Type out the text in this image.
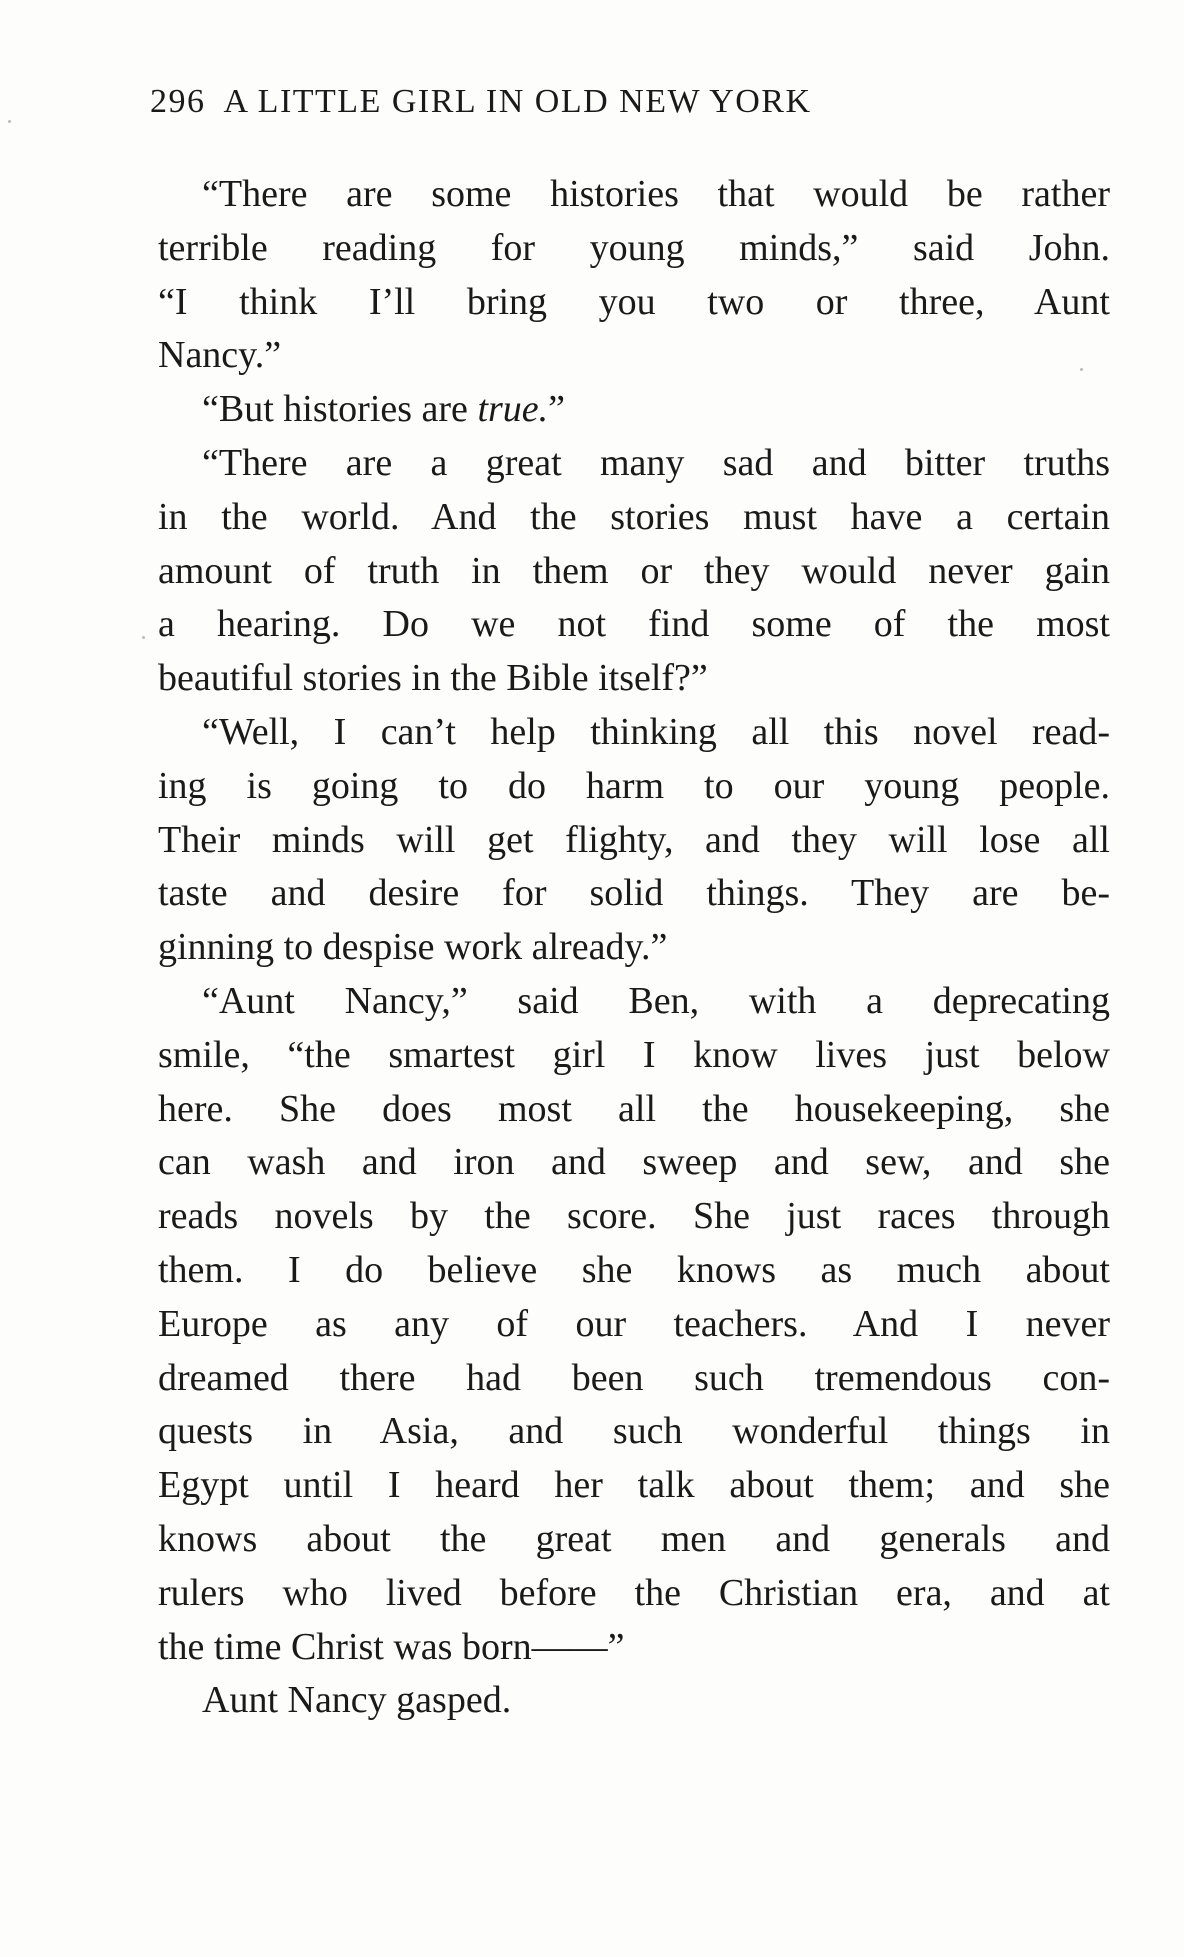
296 A LITTLE GIRL IN OLD NEW YORK
“There are some histories that would be rather
terrible reading for young minds,” said John.
“I think I’ll bring you two or three, Aunt
Nancy.”
“But histories are true.”
“There are a great many sad and bitter truths
in the world. And the stories must have a certain
amount of truth in them or they would never gain
a hearing. Do we not find some of the most
beautiful stories in the Bible itself?”
“Well, I can’t help thinking all this novel read-
ing is going to do harm to our young people.
Their minds will get flighty, and they will lose all
taste and desire for solid things. They are be-
ginning to despise work already.”
“Aunt Nancy,” said Ben, with a deprecating
smile, “the smartest girl I know lives just below
here. She does most all the housekeeping, she
can wash and iron and sweep and sew, and she
reads novels by the score. She just races through
them. I do believe she knows as much about
Europe as any of our teachers. And I never
dreamed there had been such tremendous con-
quests in Asia, and such wonderful things in
Egypt until I heard her talk about them; and she
knows about the great men and generals and
rulers who lived before the Christian era, and at
the time Christ was born——”
Aunt Nancy gasped.
